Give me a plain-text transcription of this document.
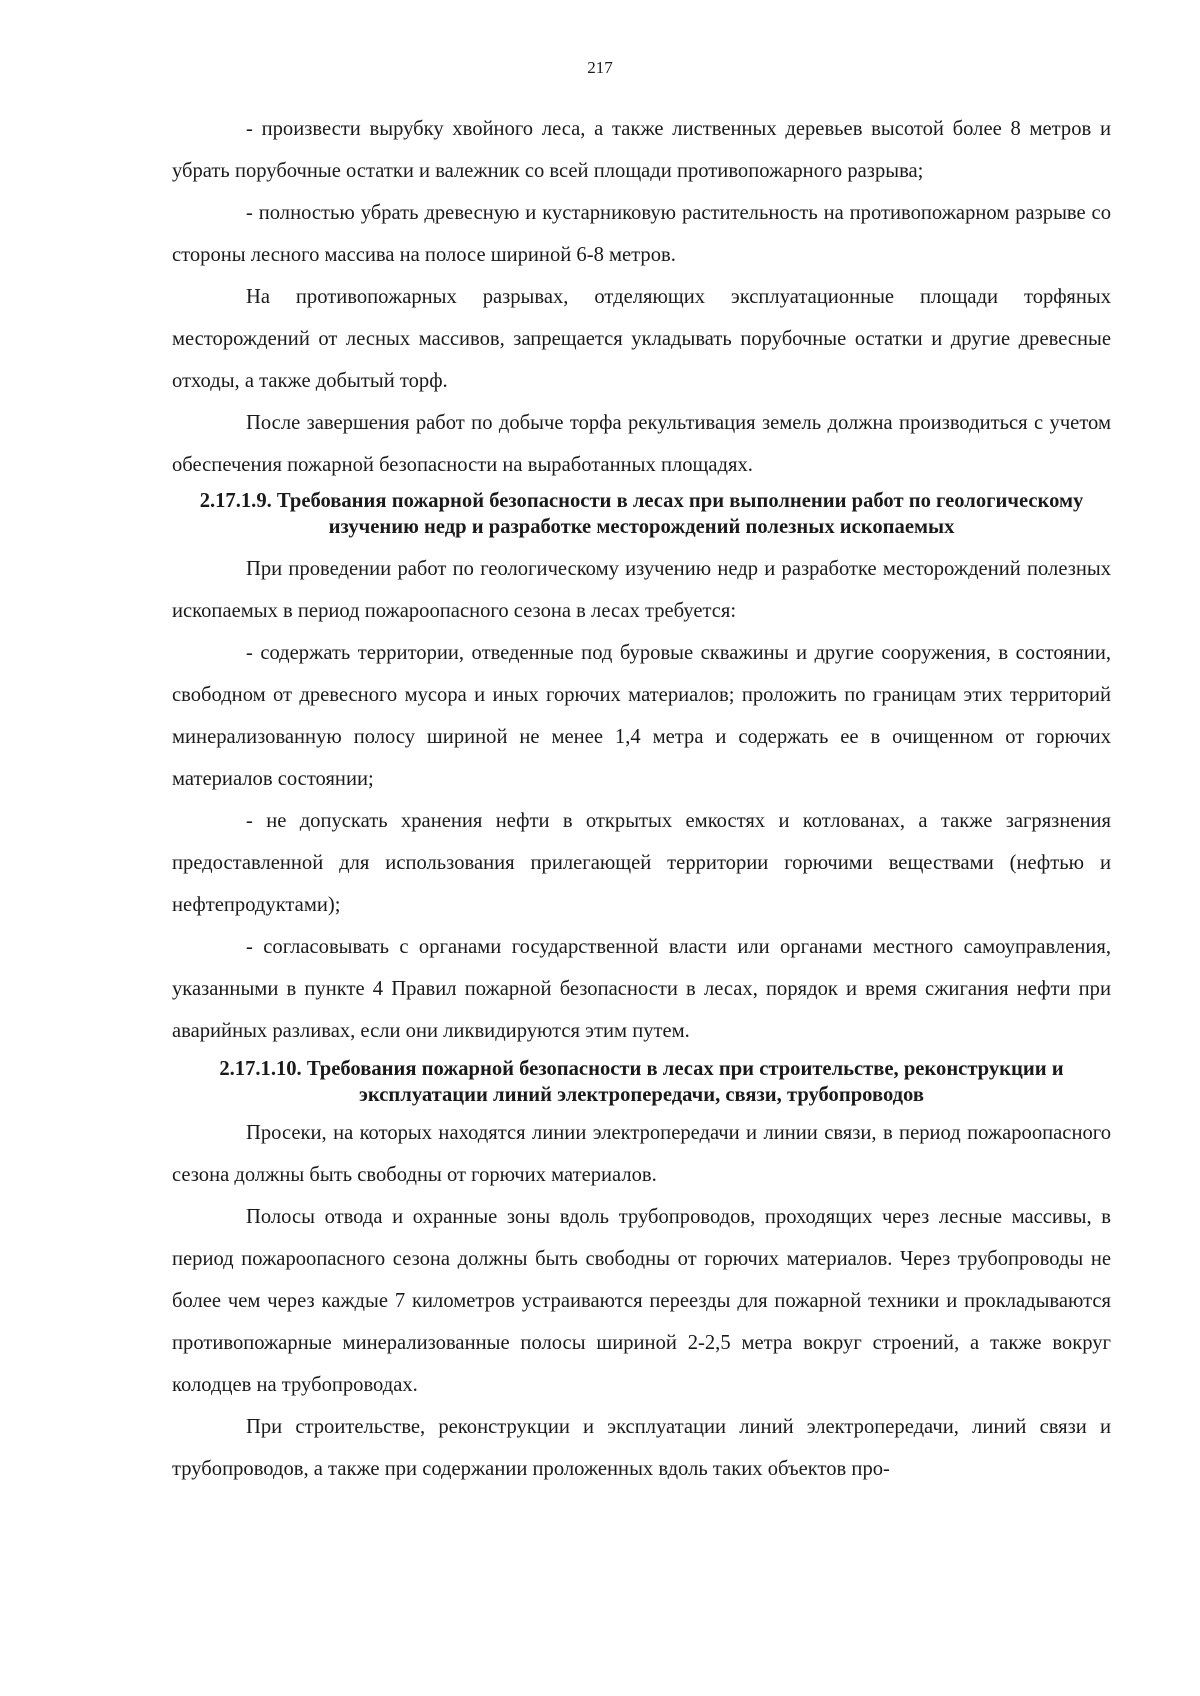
217

- произвести вырубку хвойного леса, а также лиственных деревьев высотой более 8 метров и убрать порубочные остатки и валежник со всей площади противопожарного разрыва;

- полностью убрать древесную и кустарниковую растительность на противопожарном разрыве со стороны лесного массива на полосе шириной 6-8 метров.

На противопожарных разрывах, отделяющих эксплуатационные площади торфяных месторождений от лесных массивов, запрещается укладывать порубочные остатки и другие древесные отходы, а также добытый торф.

После завершения работ по добыче торфа рекультивация земель должна производиться с учетом обеспечения пожарной безопасности на выработанных площадях.

2.17.1.9. Требования пожарной безопасности в лесах при выполнении работ по геологическому изучению недр и разработке месторождений полезных ископаемых

При проведении работ по геологическому изучению недр и разработке месторождений полезных ископаемых в период пожароопасного сезона в лесах требуется:

- содержать территории, отведенные под буровые скважины и другие сооружения, в состоянии, свободном от древесного мусора и иных горючих материалов; проложить по границам этих территорий минерализованную полосу шириной не менее 1,4 метра и содержать ее в очищенном от горючих материалов состоянии;

- не допускать хранения нефти в открытых емкостях и котлованах, а также загрязнения предоставленной для использования прилегающей территории горючими веществами (нефтью и нефтепродуктами);

- согласовывать с органами государственной власти или органами местного самоуправления, указанными в пункте 4 Правил пожарной безопасности в лесах, порядок и время сжигания нефти при аварийных разливах, если они ликвидируются этим путем.

2.17.1.10. Требования пожарной безопасности в лесах при строительстве, реконструкции и эксплуатации линий электропередачи, связи, трубопроводов

Просеки, на которых находятся линии электропередачи и линии связи, в период пожароопасного сезона должны быть свободны от горючих материалов.

Полосы отвода и охранные зоны вдоль трубопроводов, проходящих через лесные массивы, в период пожароопасного сезона должны быть свободны от горючих материалов. Через трубопроводы не более чем через каждые 7 километров устраиваются переезды для пожарной техники и прокладываются противопожарные минерализованные полосы шириной 2-2,5 метра вокруг строений, а также вокруг колодцев на трубопроводах.

При строительстве, реконструкции и эксплуатации линий электропередачи, линий связи и трубопроводов, а также при содержании проложенных вдоль таких объектов про-
